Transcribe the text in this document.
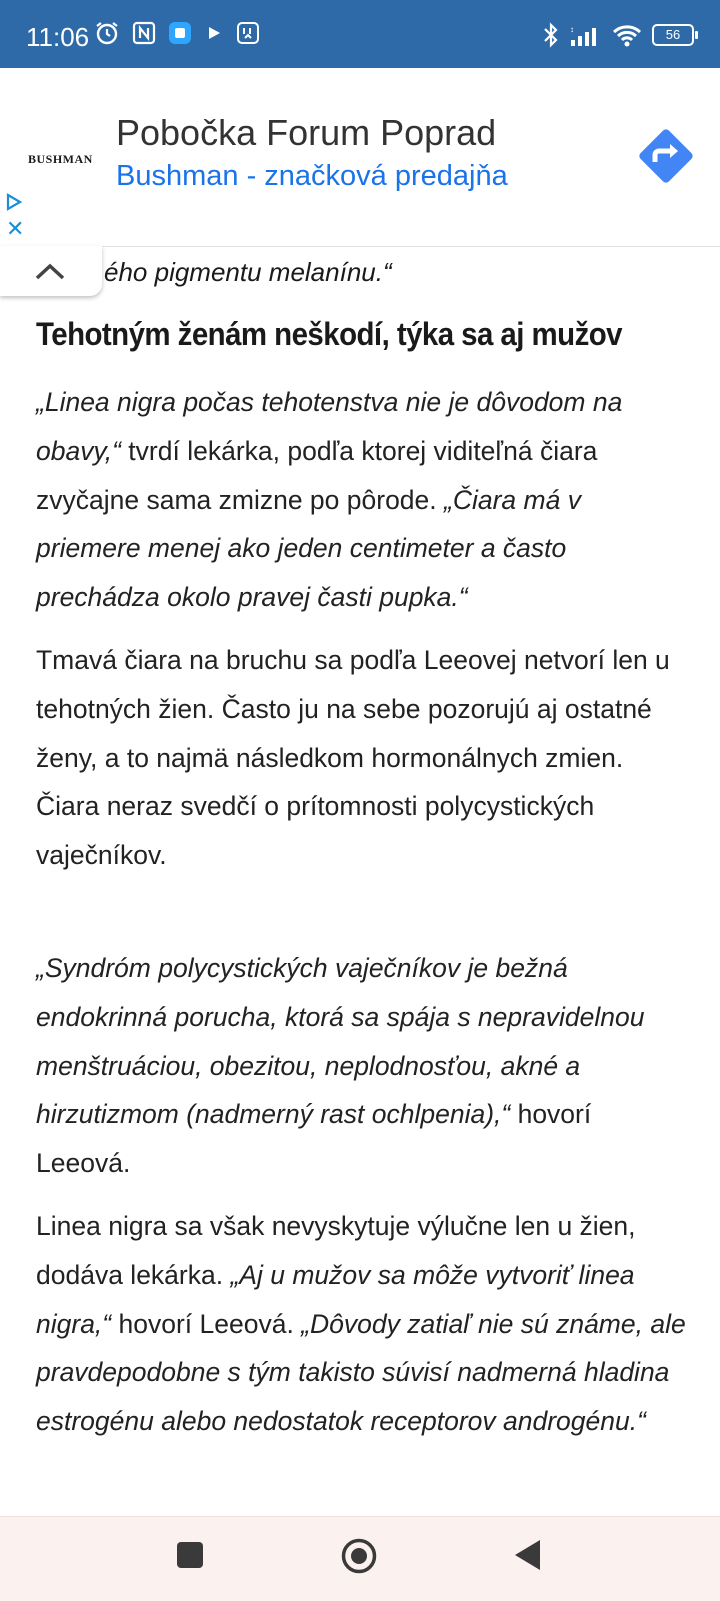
11:06	↕	56
BUSHMAN
Pobočka Forum Poprad
Bushman - značková predajňa
✕
ého pigmentu melanínu.“
Tehotným ženám neškodí, týka sa aj mužov

„Linea nigra počas tehotenstva nie je dôvodom na obavy,“ tvrdí lekárka, podľa ktorej viditeľná čiara zvyčajne sama zmizne po pôrode. „Čiara má v priemere menej ako jeden centimeter a často prechádza okolo pravej časti pupka.“

Tmavá čiara na bruchu sa podľa Leeovej netvorí len u tehotných žien. Často ju na sebe pozorujú aj ostatné ženy, a to najmä následkom hormonálnych zmien. Čiara neraz svedčí o prítomnosti polycystických vaječníkov.

„Syndróm polycystických vaječníkov je bežná endokrinná porucha, ktorá sa spája s nepravidelnou menštruáciou, obezitou, neplodnosťou, akné a hirzutizmom (nadmerný rast ochlpenia),“ hovorí Leeová.

Linea nigra sa však nevyskytuje výlučne len u žien, dodáva lekárka. „Aj u mužov sa môže vytvoriť linea nigra,“ hovorí Leeová. „Dôvody zatiaľ nie sú známe, ale pravdepodobne s tým takisto súvisí nadmerná hladina estrogénu alebo nedostatok receptorov androgénu.“
